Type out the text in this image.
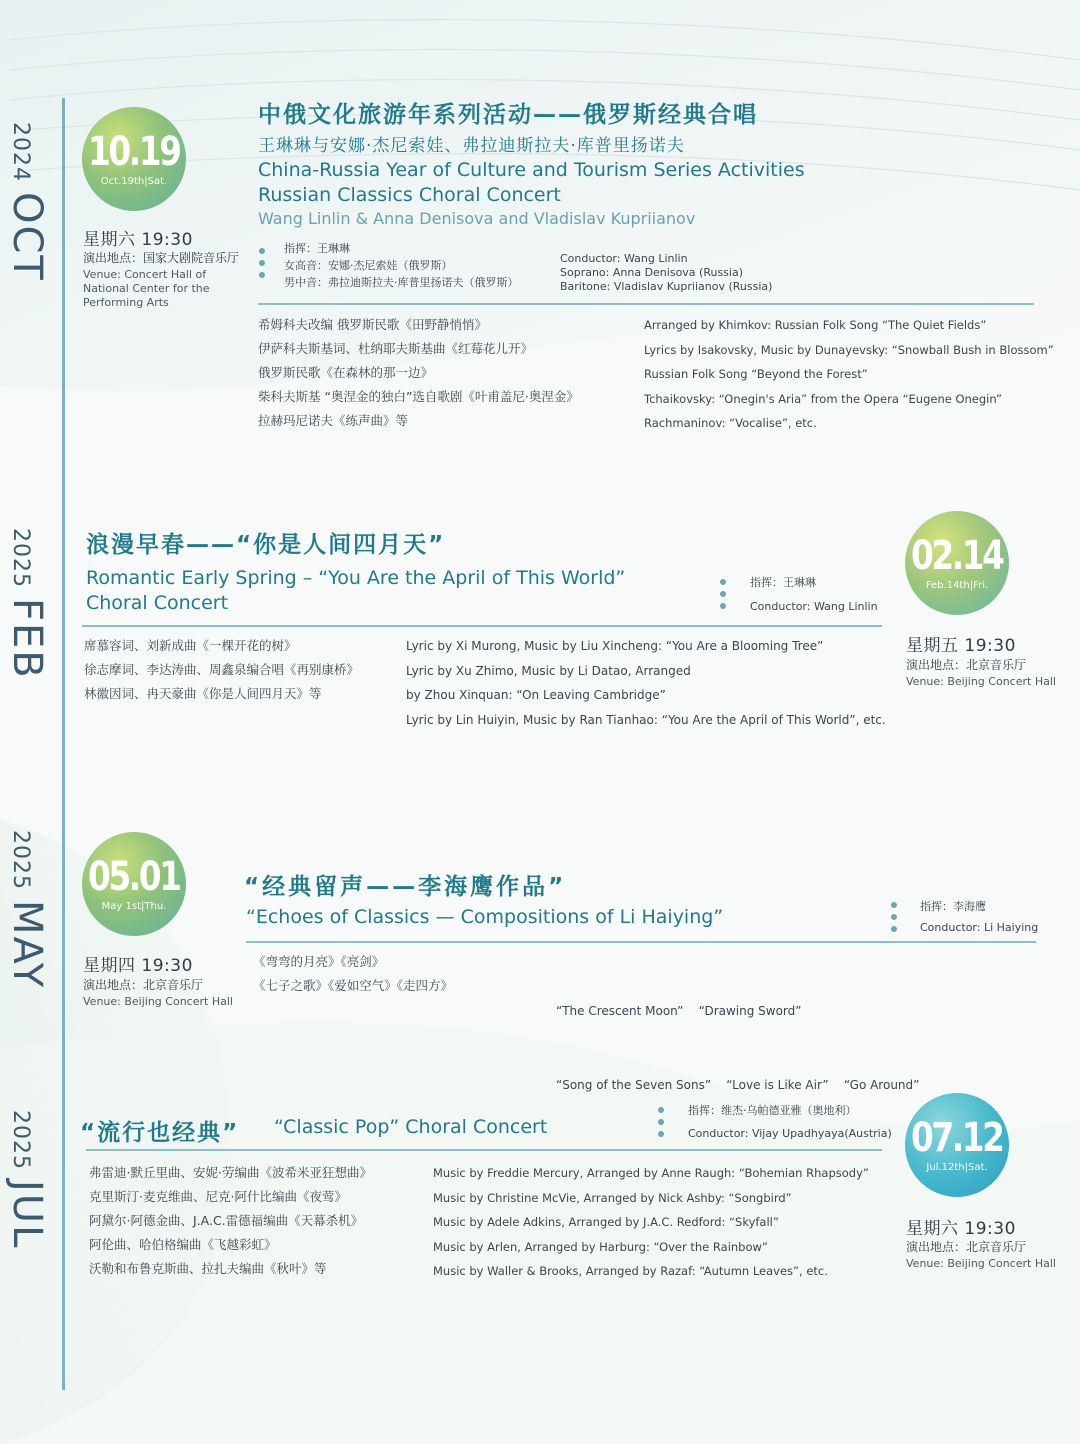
2024
OCT
2025
FEB
2025
MAY
2025
JUL
10.19
Oct.19th|Sat.
星期六 19:30
演出地点：国家大剧院音乐厅
Venue: Concert Hall of
National Center for the
Performing Arts
中俄文化旅游年系列活动——俄罗斯经典合唱
王琳琳与安娜·杰尼索娃、弗拉迪斯拉夫·库普里扬诺夫
China-Russia Year of Culture and Tourism Series Activities
Russian Classics Choral Concert
Wang Linlin & Anna Denisova and Vladislav Kupriianov
指挥：王琳琳
女高音：安娜·杰尼索娃（俄罗斯）
男中音：弗拉迪斯拉夫·库普里扬诺夫（俄罗斯）
Conductor: Wang Linlin
Soprano: Anna Denisova (Russia)
Baritone: Vladislav Kupriianov (Russia)
希姆科夫改编 俄罗斯民歌《田野静悄悄》
伊萨科夫斯基词、杜纳耶夫斯基曲《红莓花儿开》
俄罗斯民歌《在森林的那一边》
柴科夫斯基 “奥涅金的独白”选自歌剧《叶甫盖尼·奥涅金》
拉赫玛尼诺夫《练声曲》等
Arranged by Khimkov: Russian Folk Song “The Quiet Fields”
Lyrics by Isakovsky, Music by Dunayevsky: “Snowball Bush in Blossom”
Russian Folk Song “Beyond the Forest”
Tchaikovsky: “Onegin's Aria” from the Opera “Eugene Onegin”
Rachmaninov: “Vocalise”, etc.
浪漫早春——“你是人间四月天”
Romantic Early Spring – “You Are the April of This World”
Choral Concert
指挥：王琳琳
Conductor: Wang Linlin
席慕容词、刘新成曲《一棵开花的树》
徐志摩词、李达涛曲、周鑫泉编合唱《再别康桥》
林徽因词、冉天豪曲《你是人间四月天》等
Lyric by Xi Murong, Music by Liu Xincheng: “You Are a Blooming Tree”
Lyric by Xu Zhimo, Music by Li Datao, Arranged
by Zhou Xinquan: “On Leaving Cambridge”
Lyric by Lin Huiyin, Music by Ran Tianhao: “You Are the April of This World”, etc.
02.14
Feb.14th|Fri.
星期五 19:30
演出地点：北京音乐厅
Venue: Beijing Concert Hall
05.01
May 1st|Thu.
星期四 19:30
演出地点：北京音乐厅
Venue: Beijing Concert Hall
“经典留声——李海鹰作品”
“Echoes of Classics — Compositions of Li Haiying”	指挥：李海鹰
Conductor: Li Haiying
《弯弯的月亮》《亮剑》
《七子之歌》《爱如空气》《走四方》

“The Crescent Moon”    “Drawing Sword”

“Song of the Seven Sons”    “Love is Like Air”    “Go Around”

“流行也经典” “Classic Pop” Choral Concert
指挥：维杰·乌帕德亚雅（奥地利）
Conductor: Vijay Upadhyaya(Austria)
弗雷迪·默丘里曲、安妮·劳编曲《波希米亚狂想曲》
克里斯汀·麦克维曲、尼克·阿什比编曲《夜莺》
阿黛尔·阿德金曲、J.A.C.雷德福编曲《天幕杀机》
阿伦曲、哈伯格编曲《飞越彩虹》
沃勒和布鲁克斯曲、拉扎夫编曲《秋叶》等
Music by Freddie Mercury, Arranged by Anne Raugh: “Bohemian Rhapsody”
Music by Christine McVie, Arranged by Nick Ashby: “Songbird”
Music by Adele Adkins, Arranged by J.A.C. Redford: “Skyfall”
Music by Arlen, Arranged by Harburg: “Over the Rainbow”
Music by Waller & Brooks, Arranged by Razaf: “Autumn Leaves”, etc.
07.12
Jul.12th|Sat.
星期六 19:30
演出地点：北京音乐厅
Venue: Beijing Concert Hall
